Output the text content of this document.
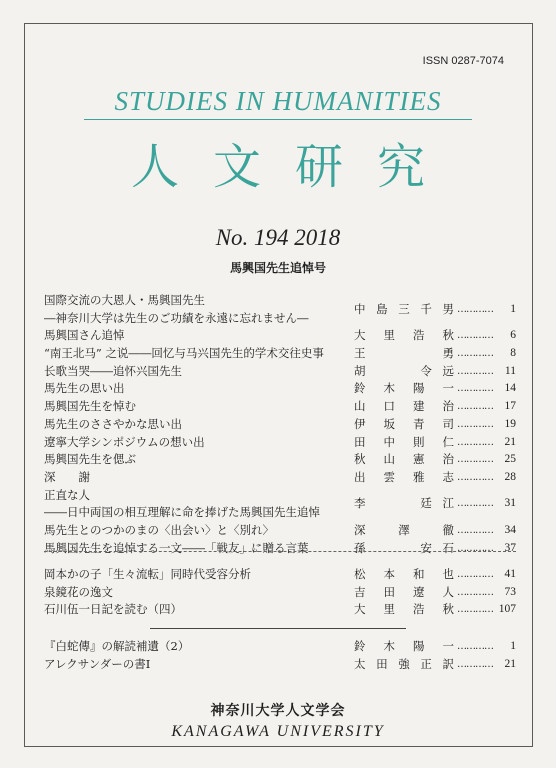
ISSN 0287-7074
STUDIES IN HUMANITIES
人文研究
No. 194 2018
馬興国先生追悼号
国際交流の大恩人・馬興国先生
―神奈川大学は先生のご功績を永遠に忘れません―
中島三千男 …………	1
馬興国さん追悼	大里浩秋 …………	6
“南王北马” 之说――回忆与马兴国先生的学术交往史事	王　　　勇 …………	8
长歌当哭――追怀兴国先生	胡　　令远 …………	11
馬先生の思い出	鈴木陽一 …………	14
馬興国先生を悼む	山口建治 …………	17
馬先生のささやかな思い出	伊坂青司 …………	19
遼寧大学シンポジウムの想い出	田中則仁 …………	21
馬興国先生を偲ぶ	秋山憲治 …………	25
深　　謝	出雲雅志 …………	28
正直な人
――日中両国の相互理解に命を捧げた馬興国先生追悼
李　　廷江 …………	31
馬先生とのつかのまの〈出会い〉と〈別れ〉	深　　澤　　徹 …………	34
馬興国先生を追悼する一文――「戦友」に贈る言葉	孫　　安石 …………	37
岡本かの子「生々流転」同時代受容分析	松本和也 …………	41
泉鏡花の逸文	吉田遼人 …………	73
石川伍一日記を読む（四）	大里浩秋 ………… 107
『白蛇傳』の解読補遺（2）	鈴木陽一 …………	1
アレクサンダーの書Ⅰ	太田強正訳 …………	21
神奈川大学人文学会
KANAGAWA UNIVERSITY
